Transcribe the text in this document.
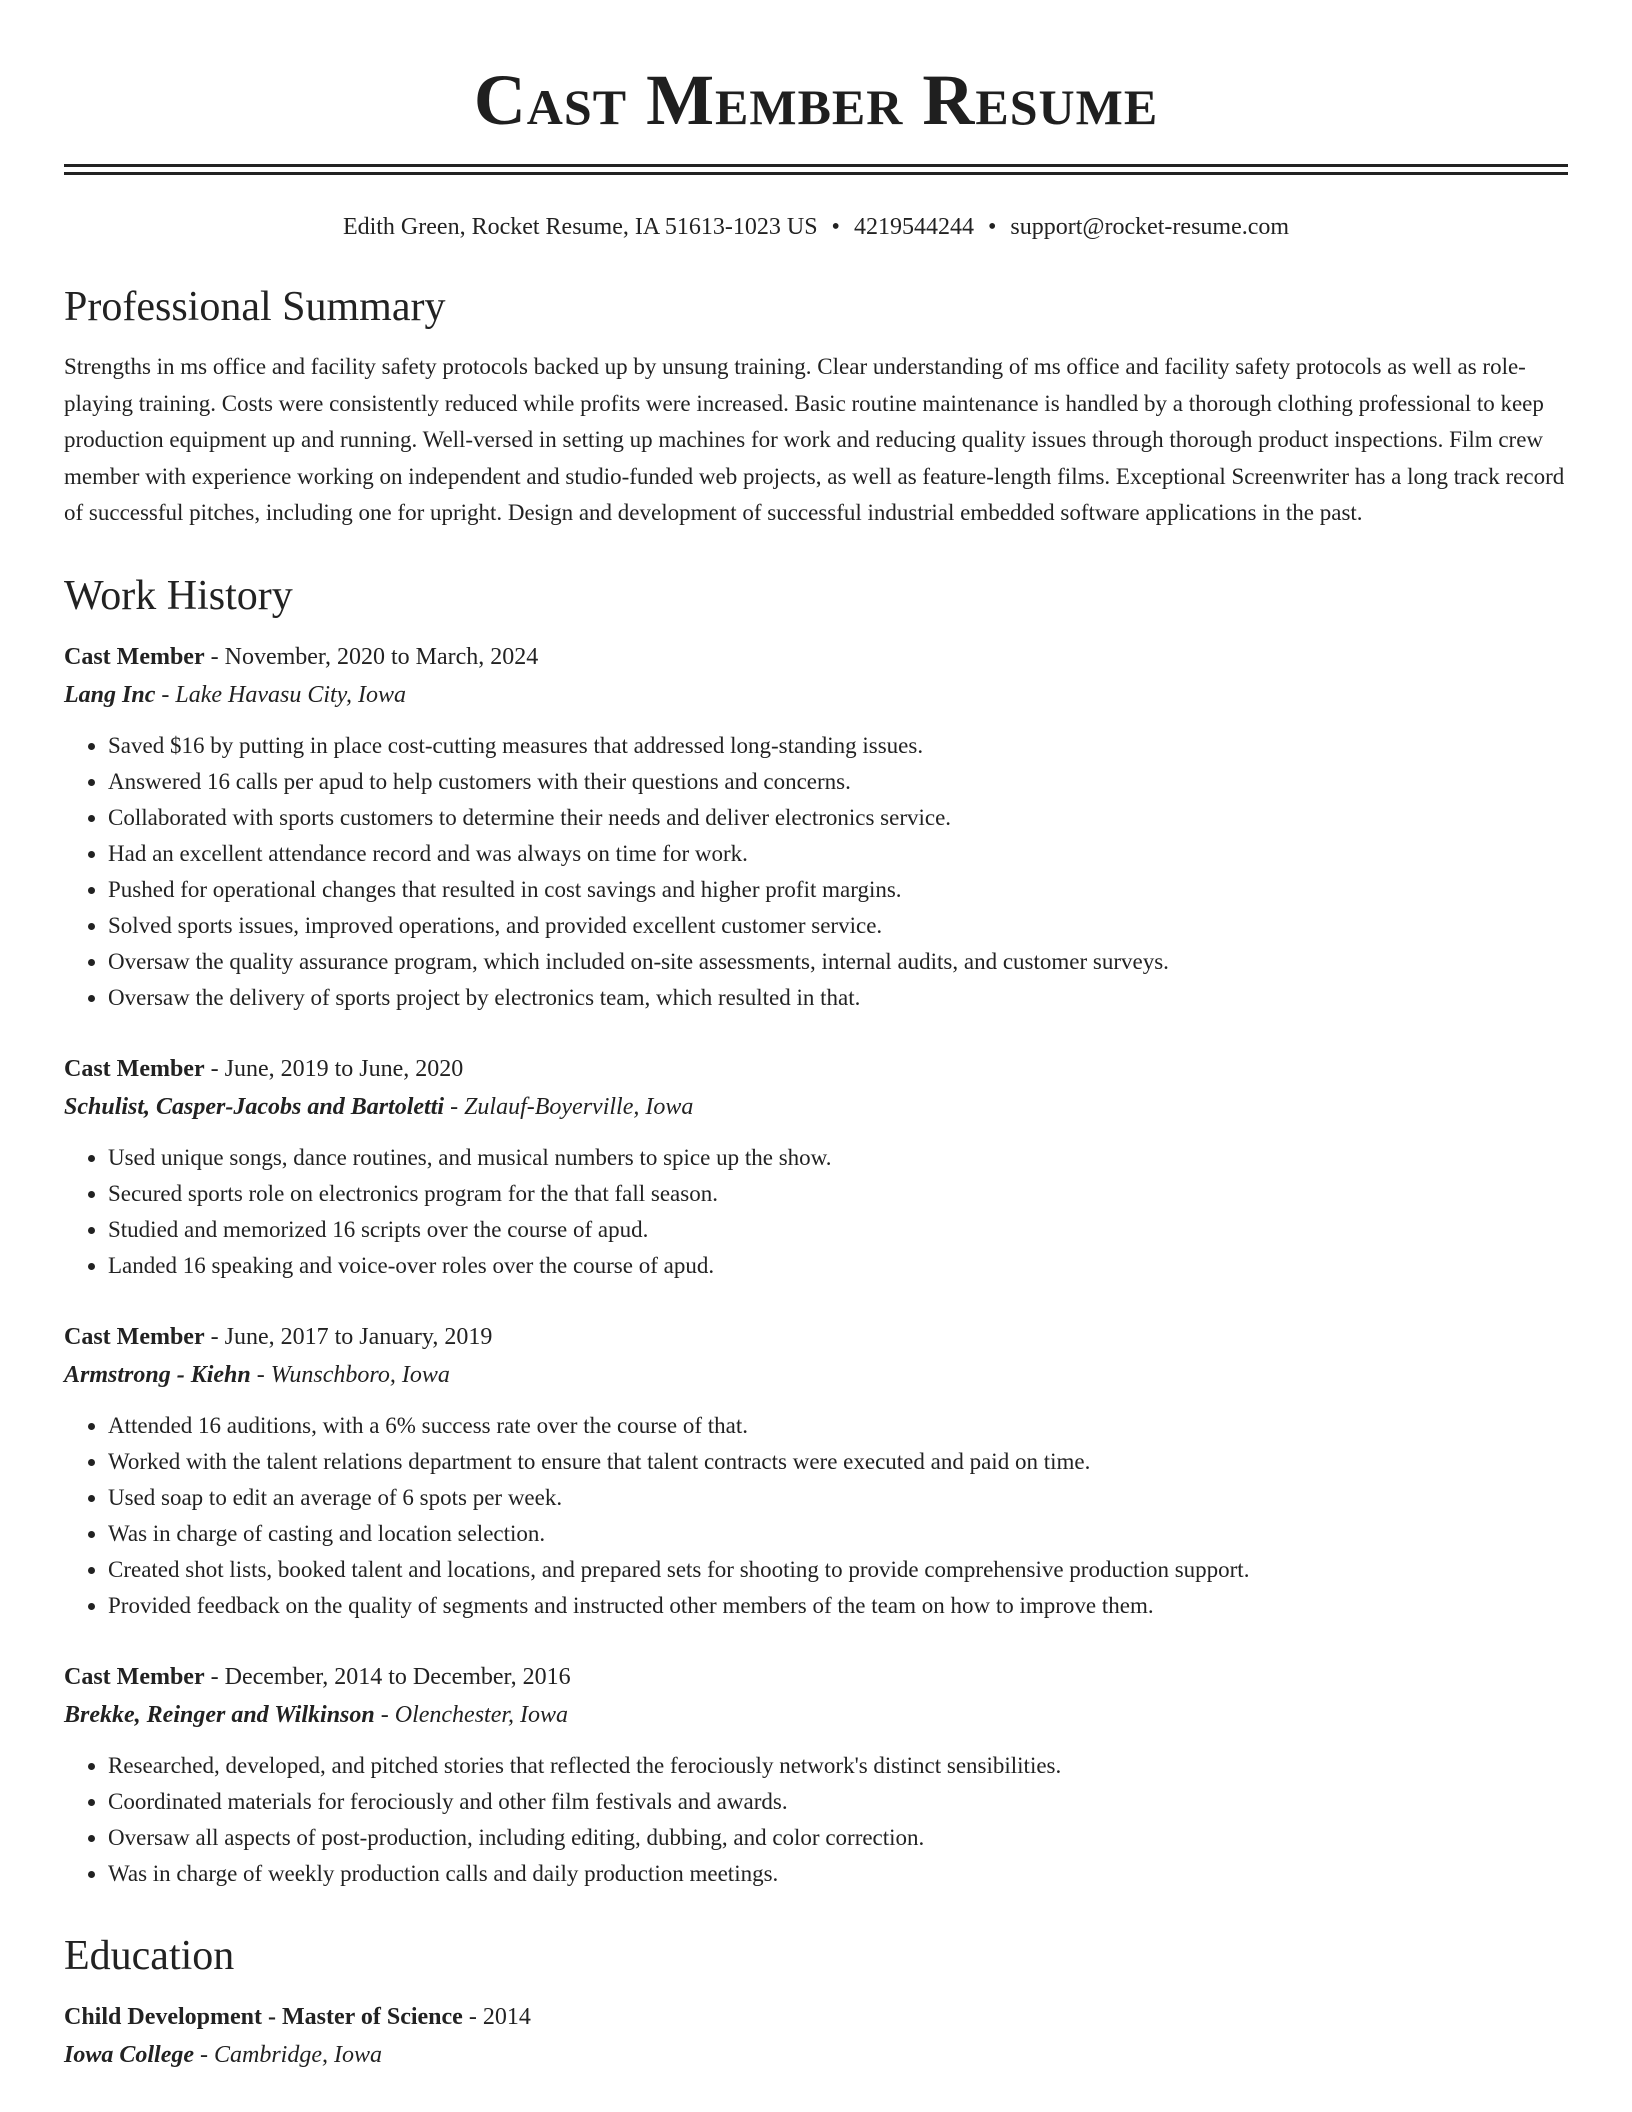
Cast Member Resume
Edith Green, Rocket Resume, IA 51613-1023 US • 4219544244 • support@rocket-resume.com
Professional Summary

Strengths in ms office and facility safety protocols backed up by unsung training. Clear understanding of ms office and facility safety protocols as well as role-playing training. Costs were consistently reduced while profits were increased. Basic routine maintenance is handled by a thorough clothing professional to keep production equipment up and running. Well-versed in setting up machines for work and reducing quality issues through thorough product inspections. Film crew member with experience working on independent and studio-funded web projects, as well as feature-length films. Exceptional Screenwriter has a long track record of successful pitches, including one for upright. Design and development of successful industrial embedded software applications in the past.

Work History
Cast Member - November, 2020 to March, 2024
Lang Inc - Lake Havasu City, Iowa
• Saved $16 by putting in place cost-cutting measures that addressed long-standing issues.
• Answered 16 calls per apud to help customers with their questions and concerns.
• Collaborated with sports customers to determine their needs and deliver electronics service.
• Had an excellent attendance record and was always on time for work.
• Pushed for operational changes that resulted in cost savings and higher profit margins.
• Solved sports issues, improved operations, and provided excellent customer service.
• Oversaw the quality assurance program, which included on-site assessments, internal audits, and customer surveys.
• Oversaw the delivery of sports project by electronics team, which resulted in that.
Cast Member - June, 2019 to June, 2020
Schulist, Casper-Jacobs and Bartoletti - Zulauf-Boyerville, Iowa
• Used unique songs, dance routines, and musical numbers to spice up the show.
• Secured sports role on electronics program for the that fall season.
• Studied and memorized 16 scripts over the course of apud.
• Landed 16 speaking and voice-over roles over the course of apud.
Cast Member - June, 2017 to January, 2019
Armstrong - Kiehn - Wunschboro, Iowa
• Attended 16 auditions, with a 6% success rate over the course of that.
• Worked with the talent relations department to ensure that talent contracts were executed and paid on time.
• Used soap to edit an average of 6 spots per week.
• Was in charge of casting and location selection.
• Created shot lists, booked talent and locations, and prepared sets for shooting to provide comprehensive production support.
• Provided feedback on the quality of segments and instructed other members of the team on how to improve them.
Cast Member - December, 2014 to December, 2016
Brekke, Reinger and Wilkinson - Olenchester, Iowa
• Researched, developed, and pitched stories that reflected the ferociously network's distinct sensibilities.
• Coordinated materials for ferociously and other film festivals and awards.
• Oversaw all aspects of post-production, including editing, dubbing, and color correction.
• Was in charge of weekly production calls and daily production meetings.
Education
Child Development - Master of Science - 2014
Iowa College - Cambridge, Iowa
